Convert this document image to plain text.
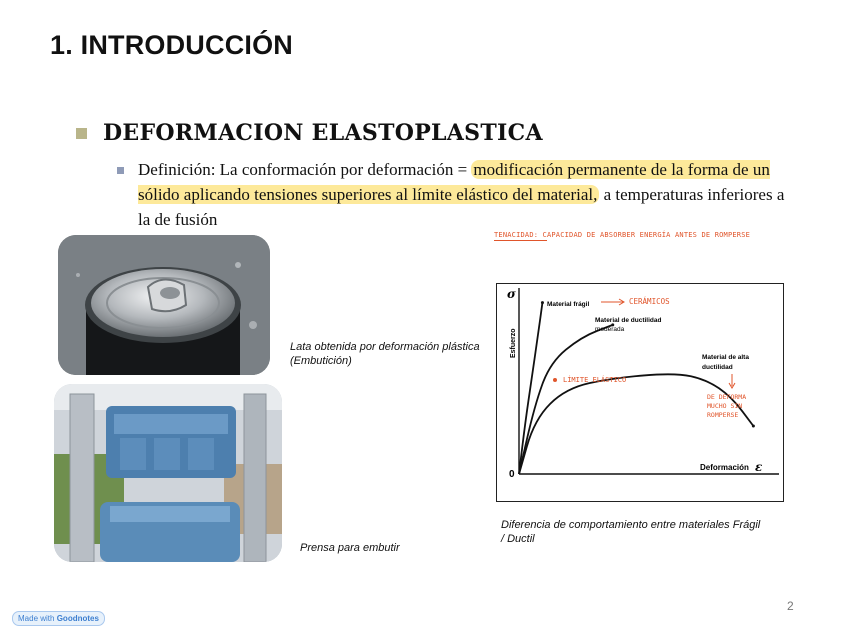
1. INTRODUCCIÓN
DEFORMACION ELASTOPLASTICA
Definición: La conformación por deformación = modificación permanente de la forma de un sólido aplicando tensiones superiores al límite elástico del material, a temperaturas inferiores a la de fusión
TENACIDAD: CAPACIDAD DE ABSORBER ENERGÍA ANTES DE ROMPERSE
Lata obtenida por deformación plástica (Embutición)
Prensa para embutir
σ
Esfuerzo
0
Deformación ε
Material frágil
Material de ductilidad
moderada
Material de alta
ductilidad
CERÁMICOS
LÍMITE ELÁSTICO
DE DEFORMA
MUCHO SIN
ROMPERSE
Diferencia de comportamiento entre materiales Frágil / Ductil
2
Made with Goodnotes
